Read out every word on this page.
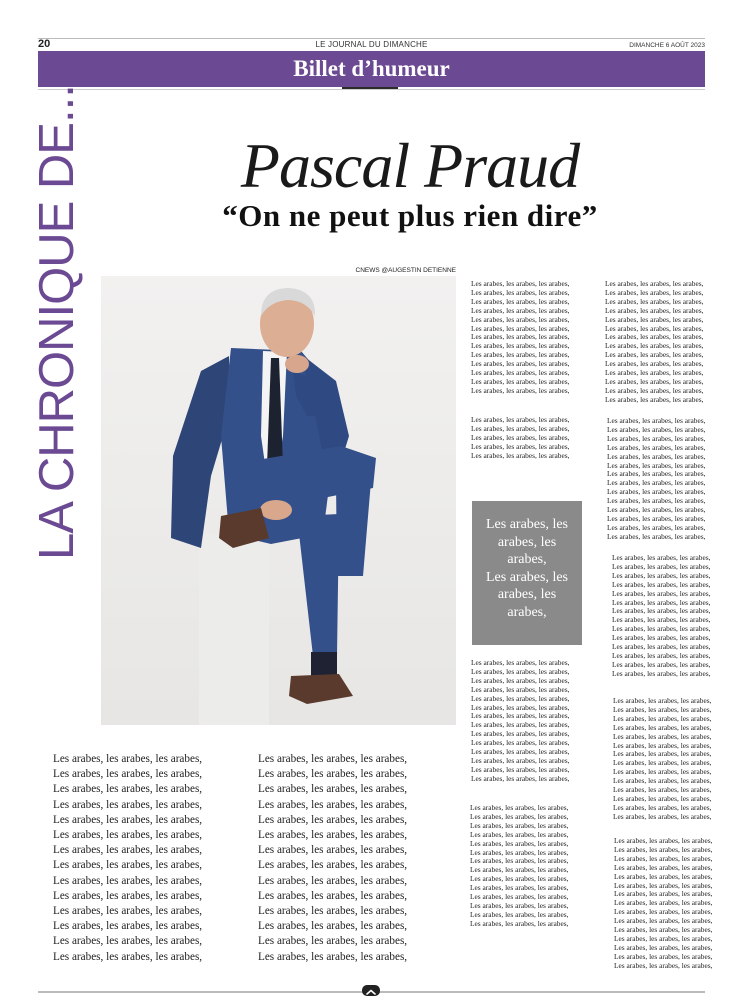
20	LE JOURNAL DU DIMANCHE	DIMANCHE 6 AOÛT 2023
Billet d’humeur
LA CHRONIQUE DE...	Pascal Praud
“On ne peut plus rien dire”
CNEWS @AUGESTIN DETIENNE
Les arabes, les arabes, les arabes,
Les arabes, les arabes, les arabes,
Les arabes, les arabes, les arabes,
Les arabes, les arabes, les arabes,
Les arabes, les arabes, les arabes,
Les arabes, les arabes, les arabes,
Les arabes, les arabes, les arabes,
Les arabes, les arabes, les arabes,
Les arabes, les arabes, les arabes,
Les arabes, les arabes, les arabes,
Les arabes, les arabes, les arabes,
Les arabes, les arabes, les arabes,
Les arabes, les arabes, les arabes,
Les arabes, les arabes, les arabes,
Les arabes, les arabes, les arabes,
Les arabes, les arabes, les arabes,
Les arabes, les arabes, les arabes,
Les arabes, les arabes, les arabes,
Les arabes, les
arabes, les
arabes,
Les arabes, les
arabes, les
arabes,
Les arabes, les arabes, les arabes,
Les arabes, les arabes, les arabes,
Les arabes, les arabes, les arabes,
Les arabes, les arabes, les arabes,
Les arabes, les arabes, les arabes,
Les arabes, les arabes, les arabes,
Les arabes, les arabes, les arabes,
Les arabes, les arabes, les arabes,
Les arabes, les arabes, les arabes,
Les arabes, les arabes, les arabes,
Les arabes, les arabes, les arabes,
Les arabes, les arabes, les arabes,
Les arabes, les arabes, les arabes,
Les arabes, les arabes, les arabes,
Les arabes, les arabes, les arabes,
Les arabes, les arabes, les arabes,
Les arabes, les arabes, les arabes,
Les arabes, les arabes, les arabes,
Les arabes, les arabes, les arabes,
Les arabes, les arabes, les arabes,
Les arabes, les arabes, les arabes,
Les arabes, les arabes, les arabes,
Les arabes, les arabes, les arabes,
Les arabes, les arabes, les arabes,
Les arabes, les arabes, les arabes,
Les arabes, les arabes, les arabes,
Les arabes, les arabes, les arabes,
Les arabes, les arabes, les arabes,
Les arabes, les arabes, les arabes,
Les arabes, les arabes, les arabes,
Les arabes, les arabes, les arabes,
Les arabes, les arabes, les arabes,
Les arabes, les arabes, les arabes,
Les arabes, les arabes, les arabes,
Les arabes, les arabes, les arabes,
Les arabes, les arabes, les arabes,
Les arabes, les arabes, les arabes,
Les arabes, les arabes, les arabes,
Les arabes, les arabes, les arabes,
Les arabes, les arabes, les arabes,
Les arabes, les arabes, les arabes,
Les arabes, les arabes, les arabes,
Les arabes, les arabes, les arabes,
Les arabes, les arabes, les arabes,
Les arabes, les arabes, les arabes,
Les arabes, les arabes, les arabes,
Les arabes, les arabes, les arabes,
Les arabes, les arabes, les arabes,
Les arabes, les arabes, les arabes,
Les arabes, les arabes, les arabes,
Les arabes, les arabes, les arabes,
Les arabes, les arabes, les arabes,
Les arabes, les arabes, les arabes,
Les arabes, les arabes, les arabes,
Les arabes, les arabes, les arabes,
Les arabes, les arabes, les arabes,
Les arabes, les arabes, les arabes,
Les arabes, les arabes, les arabes,
Les arabes, les arabes, les arabes,
Les arabes, les arabes, les arabes,
Les arabes, les arabes, les arabes,
Les arabes, les arabes, les arabes,
Les arabes, les arabes, les arabes,
Les arabes, les arabes, les arabes,
Les arabes, les arabes, les arabes,
Les arabes, les arabes, les arabes,
Les arabes, les arabes, les arabes,
Les arabes, les arabes, les arabes,
Les arabes, les arabes, les arabes,
Les arabes, les arabes, les arabes,
Les arabes, les arabes, les arabes,
Les arabes, les arabes, les arabes,
Les arabes, les arabes, les arabes,
Les arabes, les arabes, les arabes,
Les arabes, les arabes, les arabes,
Les arabes, les arabes, les arabes,
Les arabes, les arabes, les arabes,
Les arabes, les arabes, les arabes,
Les arabes, les arabes, les arabes,
Les arabes, les arabes, les arabes,
Les arabes, les arabes, les arabes,
Les arabes, les arabes, les arabes,
Les arabes, les arabes, les arabes,
Les arabes, les arabes, les arabes,
Les arabes, les arabes, les arabes,
Les arabes, les arabes, les arabes,
Les arabes, les arabes, les arabes,
Les arabes, les arabes, les arabes,
Les arabes, les arabes, les arabes,
Les arabes, les arabes, les arabes,
Les arabes, les arabes, les arabes,
Les arabes, les arabes, les arabes,
Les arabes, les arabes, les arabes,
Les arabes, les arabes, les arabes,
Les arabes, les arabes, les arabes,
Les arabes, les arabes, les arabes,
Les arabes, les arabes, les arabes,
Les arabes, les arabes, les arabes,
Les arabes, les arabes, les arabes,
Les arabes, les arabes, les arabes,
Les arabes, les arabes, les arabes,
Les arabes, les arabes, les arabes,
Les arabes, les arabes, les arabes,
Les arabes, les arabes, les arabes,
Les arabes, les arabes, les arabes,
Les arabes, les arabes, les arabes,
Les arabes, les arabes, les arabes,
Les arabes, les arabes, les arabes,
Les arabes, les arabes, les arabes,
Les arabes, les arabes, les arabes,
Les arabes, les arabes, les arabes,
Les arabes, les arabes, les arabes,
Les arabes, les arabes, les arabes,
Les arabes, les arabes, les arabes,
Les arabes, les arabes, les arabes,
Les arabes, les arabes, les arabes,
Les arabes, les arabes, les arabes,
Les arabes, les arabes, les arabes,
Les arabes, les arabes, les arabes,
Les arabes, les arabes, les arabes,
Les arabes, les arabes, les arabes,
Les arabes, les arabes, les arabes,
Les arabes, les arabes, les arabes,
Les arabes, les arabes, les arabes,
Les arabes, les arabes, les arabes,
Les arabes, les arabes, les arabes,
Les arabes, les arabes, les arabes,
